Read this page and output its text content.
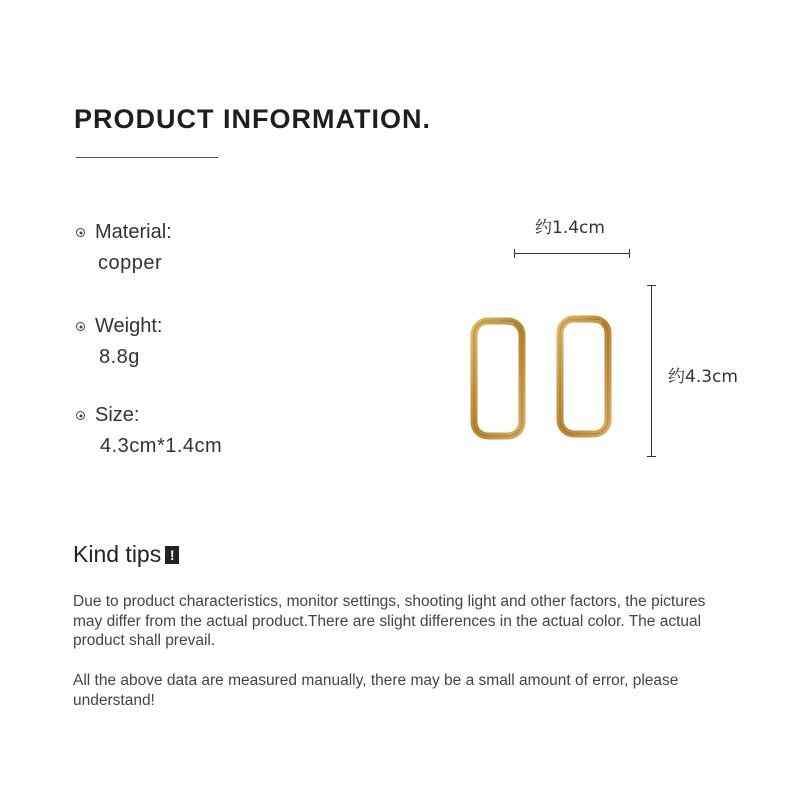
PRODUCT INFORMATION.
Material:
copper
Weight:
8.8g
Size:
4.3cm*1.4cm
约1.4cm
约4.3cm
Kind tips !
Due to product characteristics, monitor settings, shooting light and other factors, the pictures may differ from the actual product.There are slight differences in the actual color. The actual product shall prevail.
All the above data are measured manually, there may be a small amount of error, please understand!
